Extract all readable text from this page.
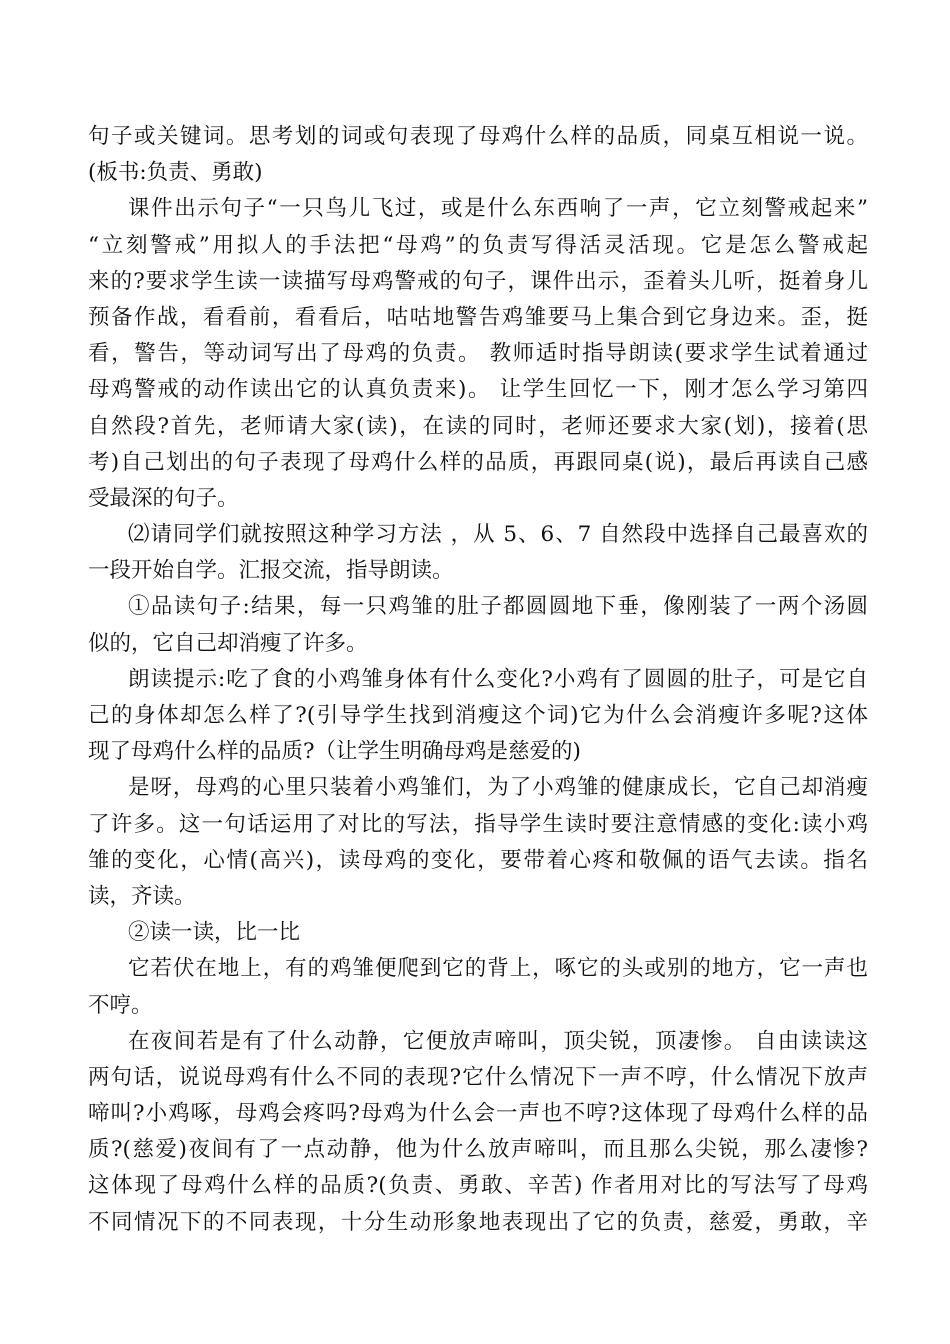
句子或关键词。思考划的词或句表现了母鸡什么样的品质，同桌互相说一说。
(板书:负责、勇敢)
课件出示句子“一只鸟儿飞过，或是什么东西响了一声，它立刻警戒起来”
“立刻警戒”用拟人的手法把“母鸡”的负责写得活灵活现。它是怎么警戒起
来的?要求学生读一读描写母鸡警戒的句子，课件出示，歪着头儿听，挺着身儿
预备作战，看看前，看看后，咕咕地警告鸡雏要马上集合到它身边来。歪，挺
看，警告，等动词写出了母鸡的负责。 教师适时指导朗读(要求学生试着通过
母鸡警戒的动作读出它的认真负责来)。 让学生回忆一下，刚才怎么学习第四
自然段?首先，老师请大家(读)，在读的同时，老师还要求大家(划)，接着(思
考)自己划出的句子表现了母鸡什么样的品质，再跟同桌(说)，最后再读自己感
受最深的句子。
⑵请同学们就按照这种学习方法 ，从 5、6、7 自然段中选择自己最喜欢的
一段开始自学。汇报交流，指导朗读。
①品读句子:结果，每一只鸡雏的肚子都圆圆地下垂，像刚装了一两个汤圆
似的，它自己却消瘦了许多。
朗读提示:吃了食的小鸡雏身体有什么变化?小鸡有了圆圆的肚子，可是它自
己的身体却怎么样了?(引导学生找到消瘦这个词)它为什么会消瘦许多呢?这体
现了母鸡什么样的品质?（让学生明确母鸡是慈爱的)
是呀，母鸡的心里只装着小鸡雏们，为了小鸡雏的健康成长，它自己却消瘦
了许多。这一句话运用了对比的写法，指导学生读时要注意情感的变化:读小鸡
雏的变化，心情(高兴)，读母鸡的变化，要带着心疼和敬佩的语气去读。指名
读，齐读。
②读一读，比一比
它若伏在地上，有的鸡雏便爬到它的背上，啄它的头或别的地方，它一声也
不哼。
在夜间若是有了什么动静，它便放声啼叫，顶尖锐，顶凄惨。 自由读读这
两句话，说说母鸡有什么不同的表现?它什么情况下一声不哼，什么情况下放声
啼叫?小鸡啄，母鸡会疼吗?母鸡为什么会一声也不哼?这体现了母鸡什么样的品
质?(慈爱)夜间有了一点动静，他为什么放声啼叫，而且那么尖锐，那么凄惨?
这体现了母鸡什么样的品质?(负责、勇敢、辛苦) 作者用对比的写法写了母鸡
不同情况下的不同表现，十分生动形象地表现出了它的负责，慈爱，勇敢，辛
